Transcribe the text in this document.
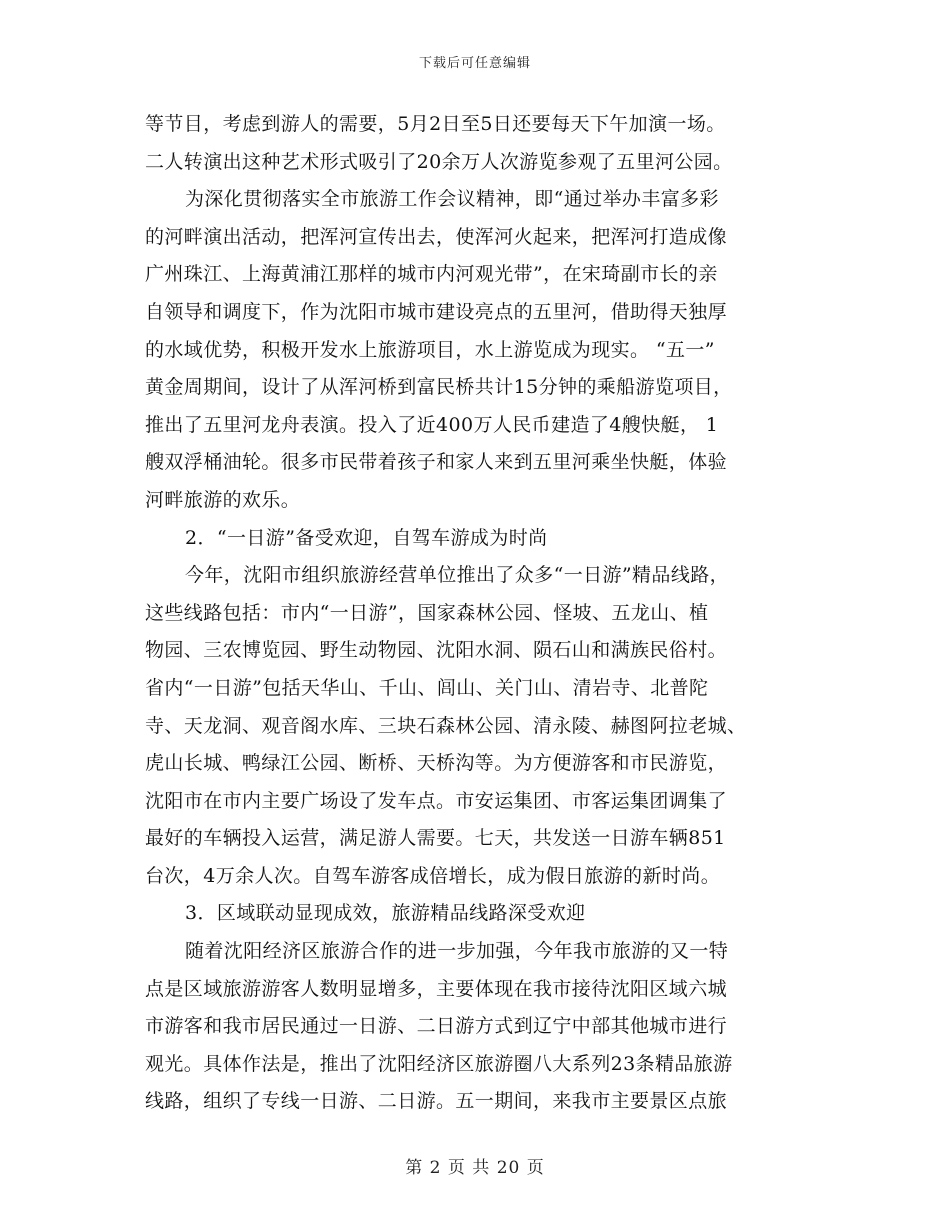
下载后可任意编辑
等节目，考虑到游人的需要，5月2日至5日还要每天下午加演一场。
二人转演出这种艺术形式吸引了20余万人次游览参观了五里河公园。
为深化贯彻落实全市旅游工作会议精神，即“通过举办丰富多彩
的河畔演出活动，把浑河宣传出去，使浑河火起来，把浑河打造成像
广州珠江、上海黄浦江那样的城市内河观光带”，在宋琦副市长的亲
自领导和调度下，作为沈阳市城市建设亮点的五里河，借助得天独厚
的水域优势，积极开发水上旅游项目，水上游览成为现实。 “五一”
黄金周期间，设计了从浑河桥到富民桥共计15分钟的乘船游览项目，
推出了五里河龙舟表演。投入了近400万人民币建造了4艘快艇， 1
艘双浮桶油轮。很多市民带着孩子和家人来到五里河乘坐快艇，体验
河畔旅游的欢乐。
2．“一日游”备受欢迎，自驾车游成为时尚
今年，沈阳市组织旅游经营单位推出了众多“一日游”精品线路，
这些线路包括：市内“一日游”，国家森林公园、怪坡、五龙山、植
物园、三农博览园、野生动物园、沈阳水洞、陨石山和满族民俗村。
省内“一日游”包括天华山、千山、闾山、关门山、清岩寺、北普陀
寺、天龙洞、观音阁水库、三块石森林公园、清永陵、赫图阿拉老城、
虎山长城、鸭绿江公园、断桥、天桥沟等。为方便游客和市民游览，
沈阳市在市内主要广场设了发车点。市安运集团、市客运集团调集了
最好的车辆投入运营，满足游人需要。七天，共发送一日游车辆851
台次，4万余人次。自驾车游客成倍增长，成为假日旅游的新时尚。
3．区域联动显现成效，旅游精品线路深受欢迎
随着沈阳经济区旅游合作的进一步加强，今年我市旅游的又一特
点是区域旅游游客人数明显增多，主要体现在我市接待沈阳区域六城
市游客和我市居民通过一日游、二日游方式到辽宁中部其他城市进行
观光。具体作法是，推出了沈阳经济区旅游圈八大系列23条精品旅游
线路，组织了专线一日游、二日游。五一期间，来我市主要景区点旅
第 2 页 共 20 页
